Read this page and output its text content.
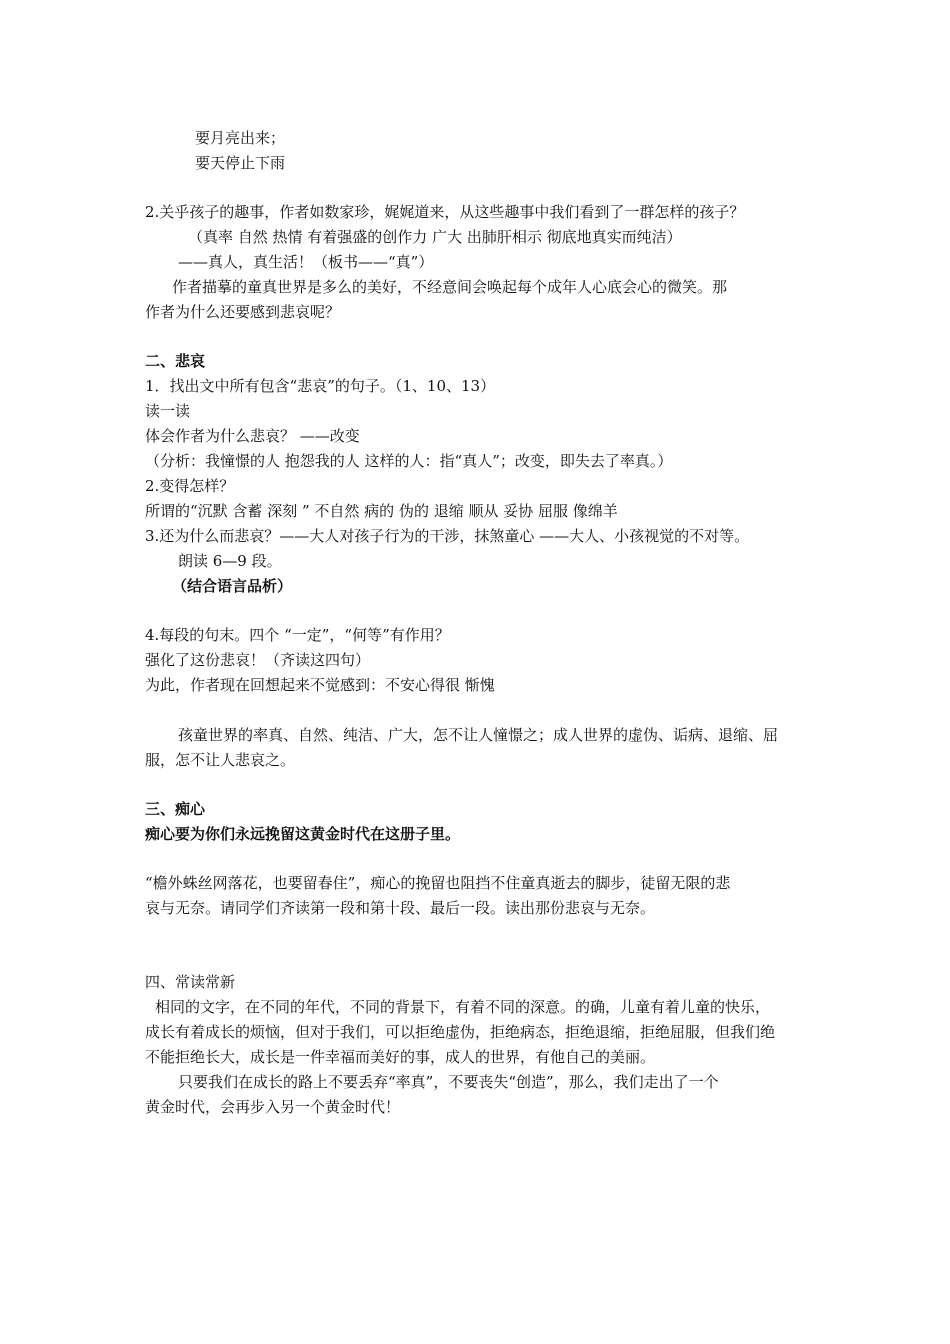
要月亮出来；
要天停止下雨
2.关乎孩子的趣事，作者如数家珍，娓娓道来，从这些趣事中我们看到了一群怎样的孩子？
（真率 自然 热情 有着强盛的创作力 广大 出肺肝相示 彻底地真实而纯洁）
——真人，真生活！（板书——“真”）
作者描摹的童真世界是多么的美好，不经意间会唤起每个成年人心底会心的微笑。那
作者为什么还要感到悲哀呢？
二、悲哀
1．找出文中所有包含“悲哀”的句子。（1、10、13）
读一读
体会作者为什么悲哀？ ——改变
（分析：我憧憬的人 抱怨我的人 这样的人：指“真人”；改变，即失去了率真。）
2.变得怎样？
所谓的“沉默 含蓄 深刻 ” 不自然 病的 伪的 退缩 顺从 妥协 屈服 像绵羊
3.还为什么而悲哀？——大人对孩子行为的干涉，抹煞童心 ——大人、小孩视觉的不对等。
朗读 6—9 段。
（结合语言品析）
4.每段的句末。四个 “一定”，“何等”有作用？
强化了这份悲哀！（齐读这四句）
为此，作者现在回想起来不觉感到：不安心得很 惭愧
孩童世界的率真、自然、纯洁、广大，怎不让人憧憬之；成人世界的虚伪、诟病、退缩、屈
服，怎不让人悲哀之。
三、痴心
痴心要为你们永远挽留这黄金时代在这册子里。
“檐外蛛丝网落花，也要留春住”，痴心的挽留也阻挡不住童真逝去的脚步，徒留无限的悲
哀与无奈。请同学们齐读第一段和第十段、最后一段。读出那份悲哀与无奈。
四、常读常新
相同的文字，在不同的年代，不同的背景下，有着不同的深意。的确，儿童有着儿童的快乐，
成长有着成长的烦恼，但对于我们，可以拒绝虚伪，拒绝病态，拒绝退缩，拒绝屈服，但我们绝
不能拒绝长大，成长是一件幸福而美好的事，成人的世界，有他自己的美丽。
只要我们在成长的路上不要丢弃“率真”，不要丧失“创造”，那么，我们走出了一个
黄金时代，会再步入另一个黄金时代！
